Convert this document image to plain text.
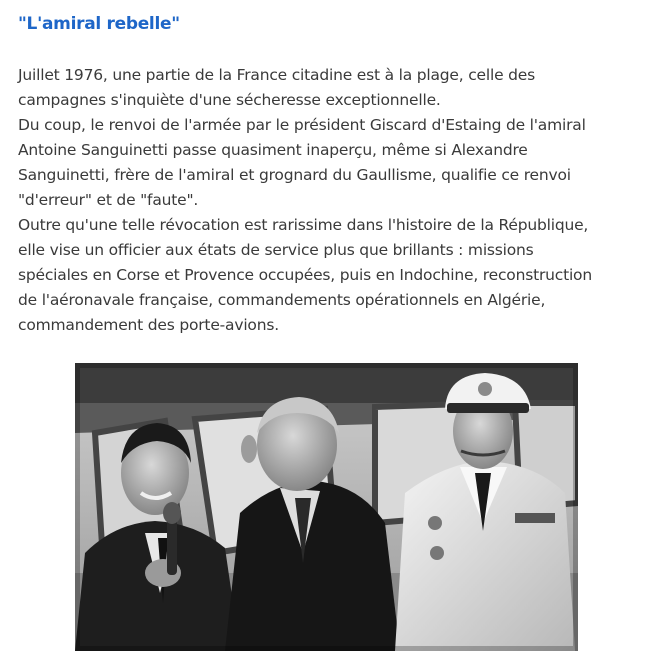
"L'amiral rebelle"

Juillet 1976, une partie de la France citadine est à la plage, celle des
campagnes s'inquiète d'une sécheresse exceptionnelle.
Du coup, le renvoi de l'armée par le président Giscard d'Estaing de l'amiral
Antoine Sanguinetti passe quasiment inaperçu, même si Alexandre
Sanguinetti, frère de l'amiral et grognard du Gaullisme, qualifie ce renvoi
"d'erreur" et de "faute".
Outre qu'une telle révocation est rarissime dans l'histoire de la République,
elle vise un officier aux états de service plus que brillants : missions
spéciales en Corse et Provence occupées, puis en Indochine, reconstruction
de l'aéronavale française, commandements opérationnels en Algérie,
commandement des porte-avions.
